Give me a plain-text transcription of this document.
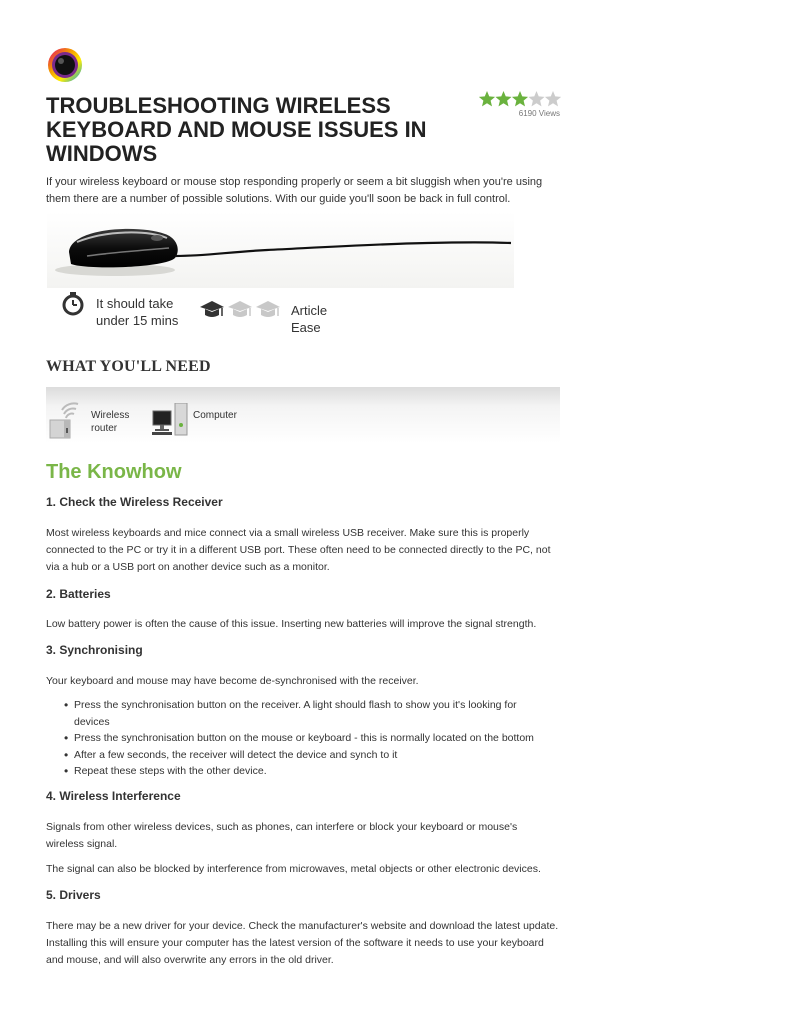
TROUBLESHOOTING WIRELESS KEYBOARD AND MOUSE ISSUES IN WINDOWS
6190 Views

If your wireless keyboard or mouse stop responding properly or seem a bit sluggish when you're using them there are a number of possible solutions. With our guide you'll soon be back in full control.

It should take under 15 mins
Article Ease
WHAT YOU'LL NEED
Wireless router
Computer
The Knowhow
1. Check the Wireless Receiver

Most wireless keyboards and mice connect via a small wireless USB receiver. Make sure this is properly connected to the PC or try it in a different USB port. These often need to be connected directly to the PC, not via a hub or a USB port on another device such as a monitor.

2. Batteries

Low battery power is often the cause of this issue. Inserting new batteries will improve the signal strength.

3. Synchronising

Your keyboard and mouse may have become de-synchronised with the receiver.

• Press the synchronisation button on the receiver. A light should flash to show you it's looking for devices
• Press the synchronisation button on the mouse or keyboard - this is normally located on the bottom
• After a few seconds, the receiver will detect the device and synch to it
• Repeat these steps with the other device.
4. Wireless Interference

Signals from other wireless devices, such as phones, can interfere or block your keyboard or mouse's wireless signal.

The signal can also be blocked by interference from microwaves, metal objects or other electronic devices.

5. Drivers

There may be a new driver for your device. Check the manufacturer's website and download the latest update. Installing this will ensure your computer has the latest version of the software it needs to use your keyboard and mouse, and will also overwrite any errors in the old driver.
